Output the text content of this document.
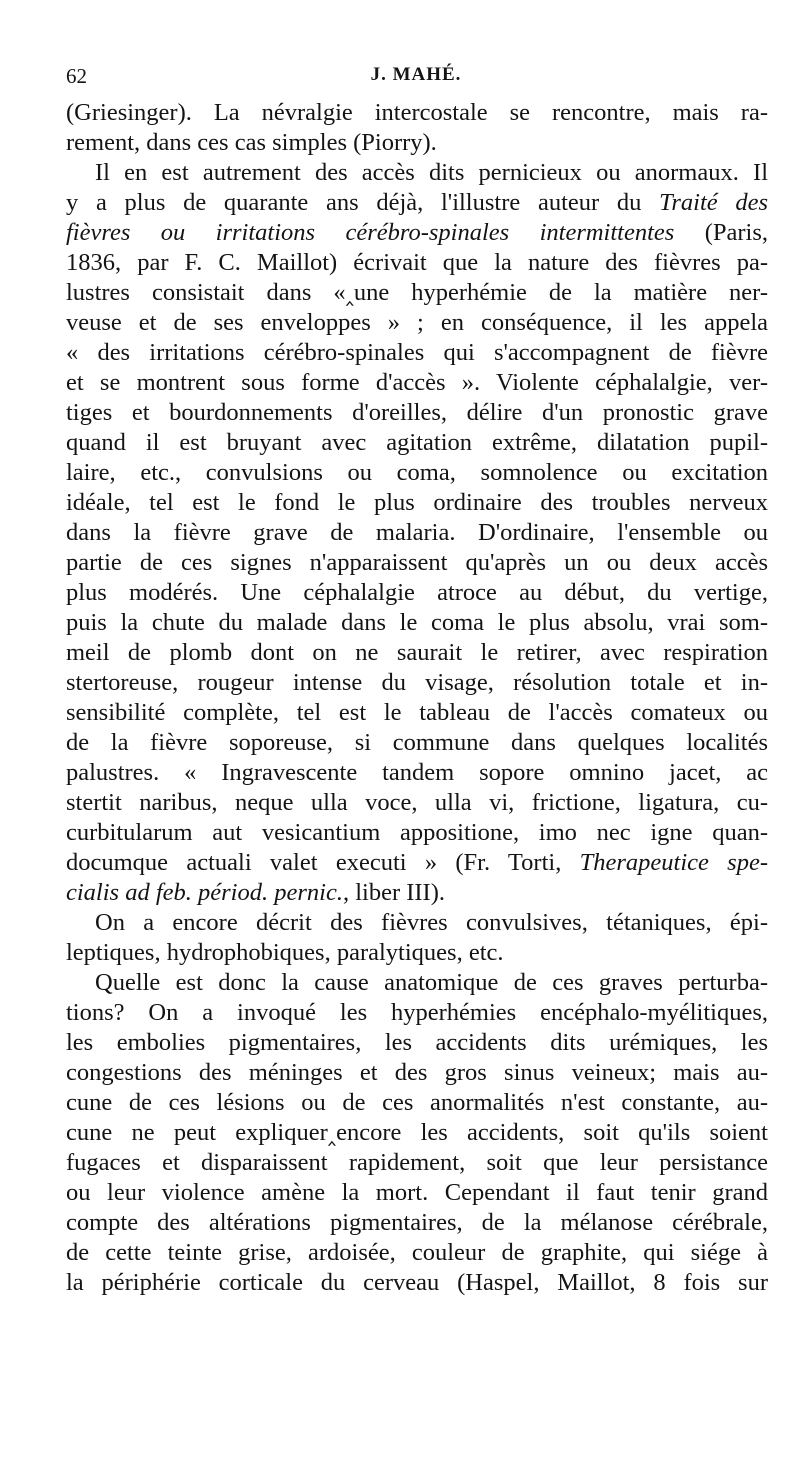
62	J. MAHÉ.
(Griesinger). La névralgie intercostale se rencontre, mais ra-
rement, dans ces cas simples (Piorry).
Il en est autrement des accès dits pernicieux ou anormaux. Il
y a plus de quarante ans déjà, l'illustre auteur du Traité des
fièvres ou irritations cérébro-spinales intermittentes (Paris,
1836, par F. C. Maillot) écrivait que la nature des fièvres pa-
lustres consistait dans «‸une hyperhémie de la matière ner-
veuse et de ses enveloppes » ; en conséquence, il les appela
« des irritations cérébro-spinales qui s'accompagnent de fièvre
et se montrent sous forme d'accès ». Violente céphalalgie, ver-
tiges et bourdonnements d'oreilles, délire d'un pronostic grave
quand il est bruyant avec agitation extrême, dilatation pupil-
laire, etc., convulsions ou coma, somnolence ou excitation
idéale, tel est le fond le plus ordinaire des troubles nerveux
dans la fièvre grave de malaria. D'ordinaire, l'ensemble ou
partie de ces signes n'apparaissent qu'après un ou deux accès
plus modérés. Une céphalalgie atroce au début, du vertige,
puis la chute du malade dans le coma le plus absolu, vrai som-
meil de plomb dont on ne saurait le retirer, avec respiration
stertoreuse, rougeur intense du visage, résolution totale et in-
sensibilité complète, tel est le tableau de l'accès comateux ou
de la fièvre soporeuse, si commune dans quelques localités
palustres. « Ingravescente tandem sopore omnino jacet, ac
stertit naribus, neque ulla voce, ulla vi, frictione, ligatura, cu-
curbitularum aut vesicantium appositione, imo nec igne quan-
documque actuali valet executi » (Fr. Torti, Therapeutice spe-
cialis ad feb. périod. pernic., liber III).
On a encore décrit des fièvres convulsives, tétaniques, épi-
leptiques, hydrophobiques, paralytiques, etc.
Quelle est donc la cause anatomique de ces graves perturba-
tions? On a invoqué les hyperhémies encéphalo-myélitiques,
les embolies pigmentaires, les accidents dits urémiques, les
congestions des méninges et des gros sinus veineux; mais au-
cune de ces lésions ou de ces anormalités n'est constante, au-
cune ne peut expliquer‸encore les accidents, soit qu'ils soient
fugaces et disparaissent rapidement, soit que leur persistance
ou leur violence amène la mort. Cependant il faut tenir grand
compte des altérations pigmentaires, de la mélanose cérébrale,
de cette teinte grise, ardoisée, couleur de graphite, qui siége à
la périphérie corticale du cerveau (Haspel, Maillot, 8 fois sur
